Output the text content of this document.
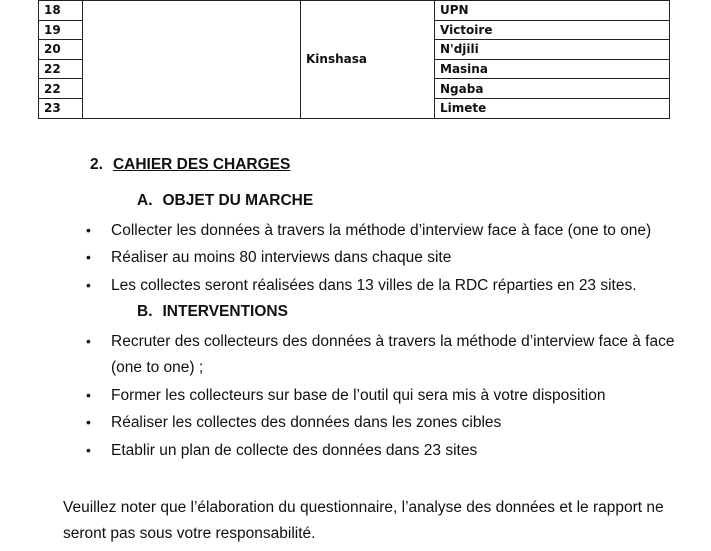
18		Kinshasa	UPN
19			Victoire
20			N'djili
22			Masina
22			Ngaba
23			Limete
2. CAHIER DES CHARGES
A. OBJET DU MARCHE
• Collecter les données à travers la méthode d’interview face à face (one to one)
• Réaliser au moins 80 interviews dans chaque site
• Les collectes seront réalisées dans 13 villes de la RDC réparties en 23 sites.
B. INTERVENTIONS
• Recruter des collecteurs des données à travers la méthode d’interview face à face
(one to one) ;
• Former les collecteurs sur base de l’outil qui sera mis à votre disposition
• Réaliser les collectes des données dans les zones cibles
• Etablir un plan de collecte des données dans 23 sites
Veuillez noter que l’élaboration du questionnaire, l’analyse des données et le rapport ne seront pas sous votre responsabilité.
